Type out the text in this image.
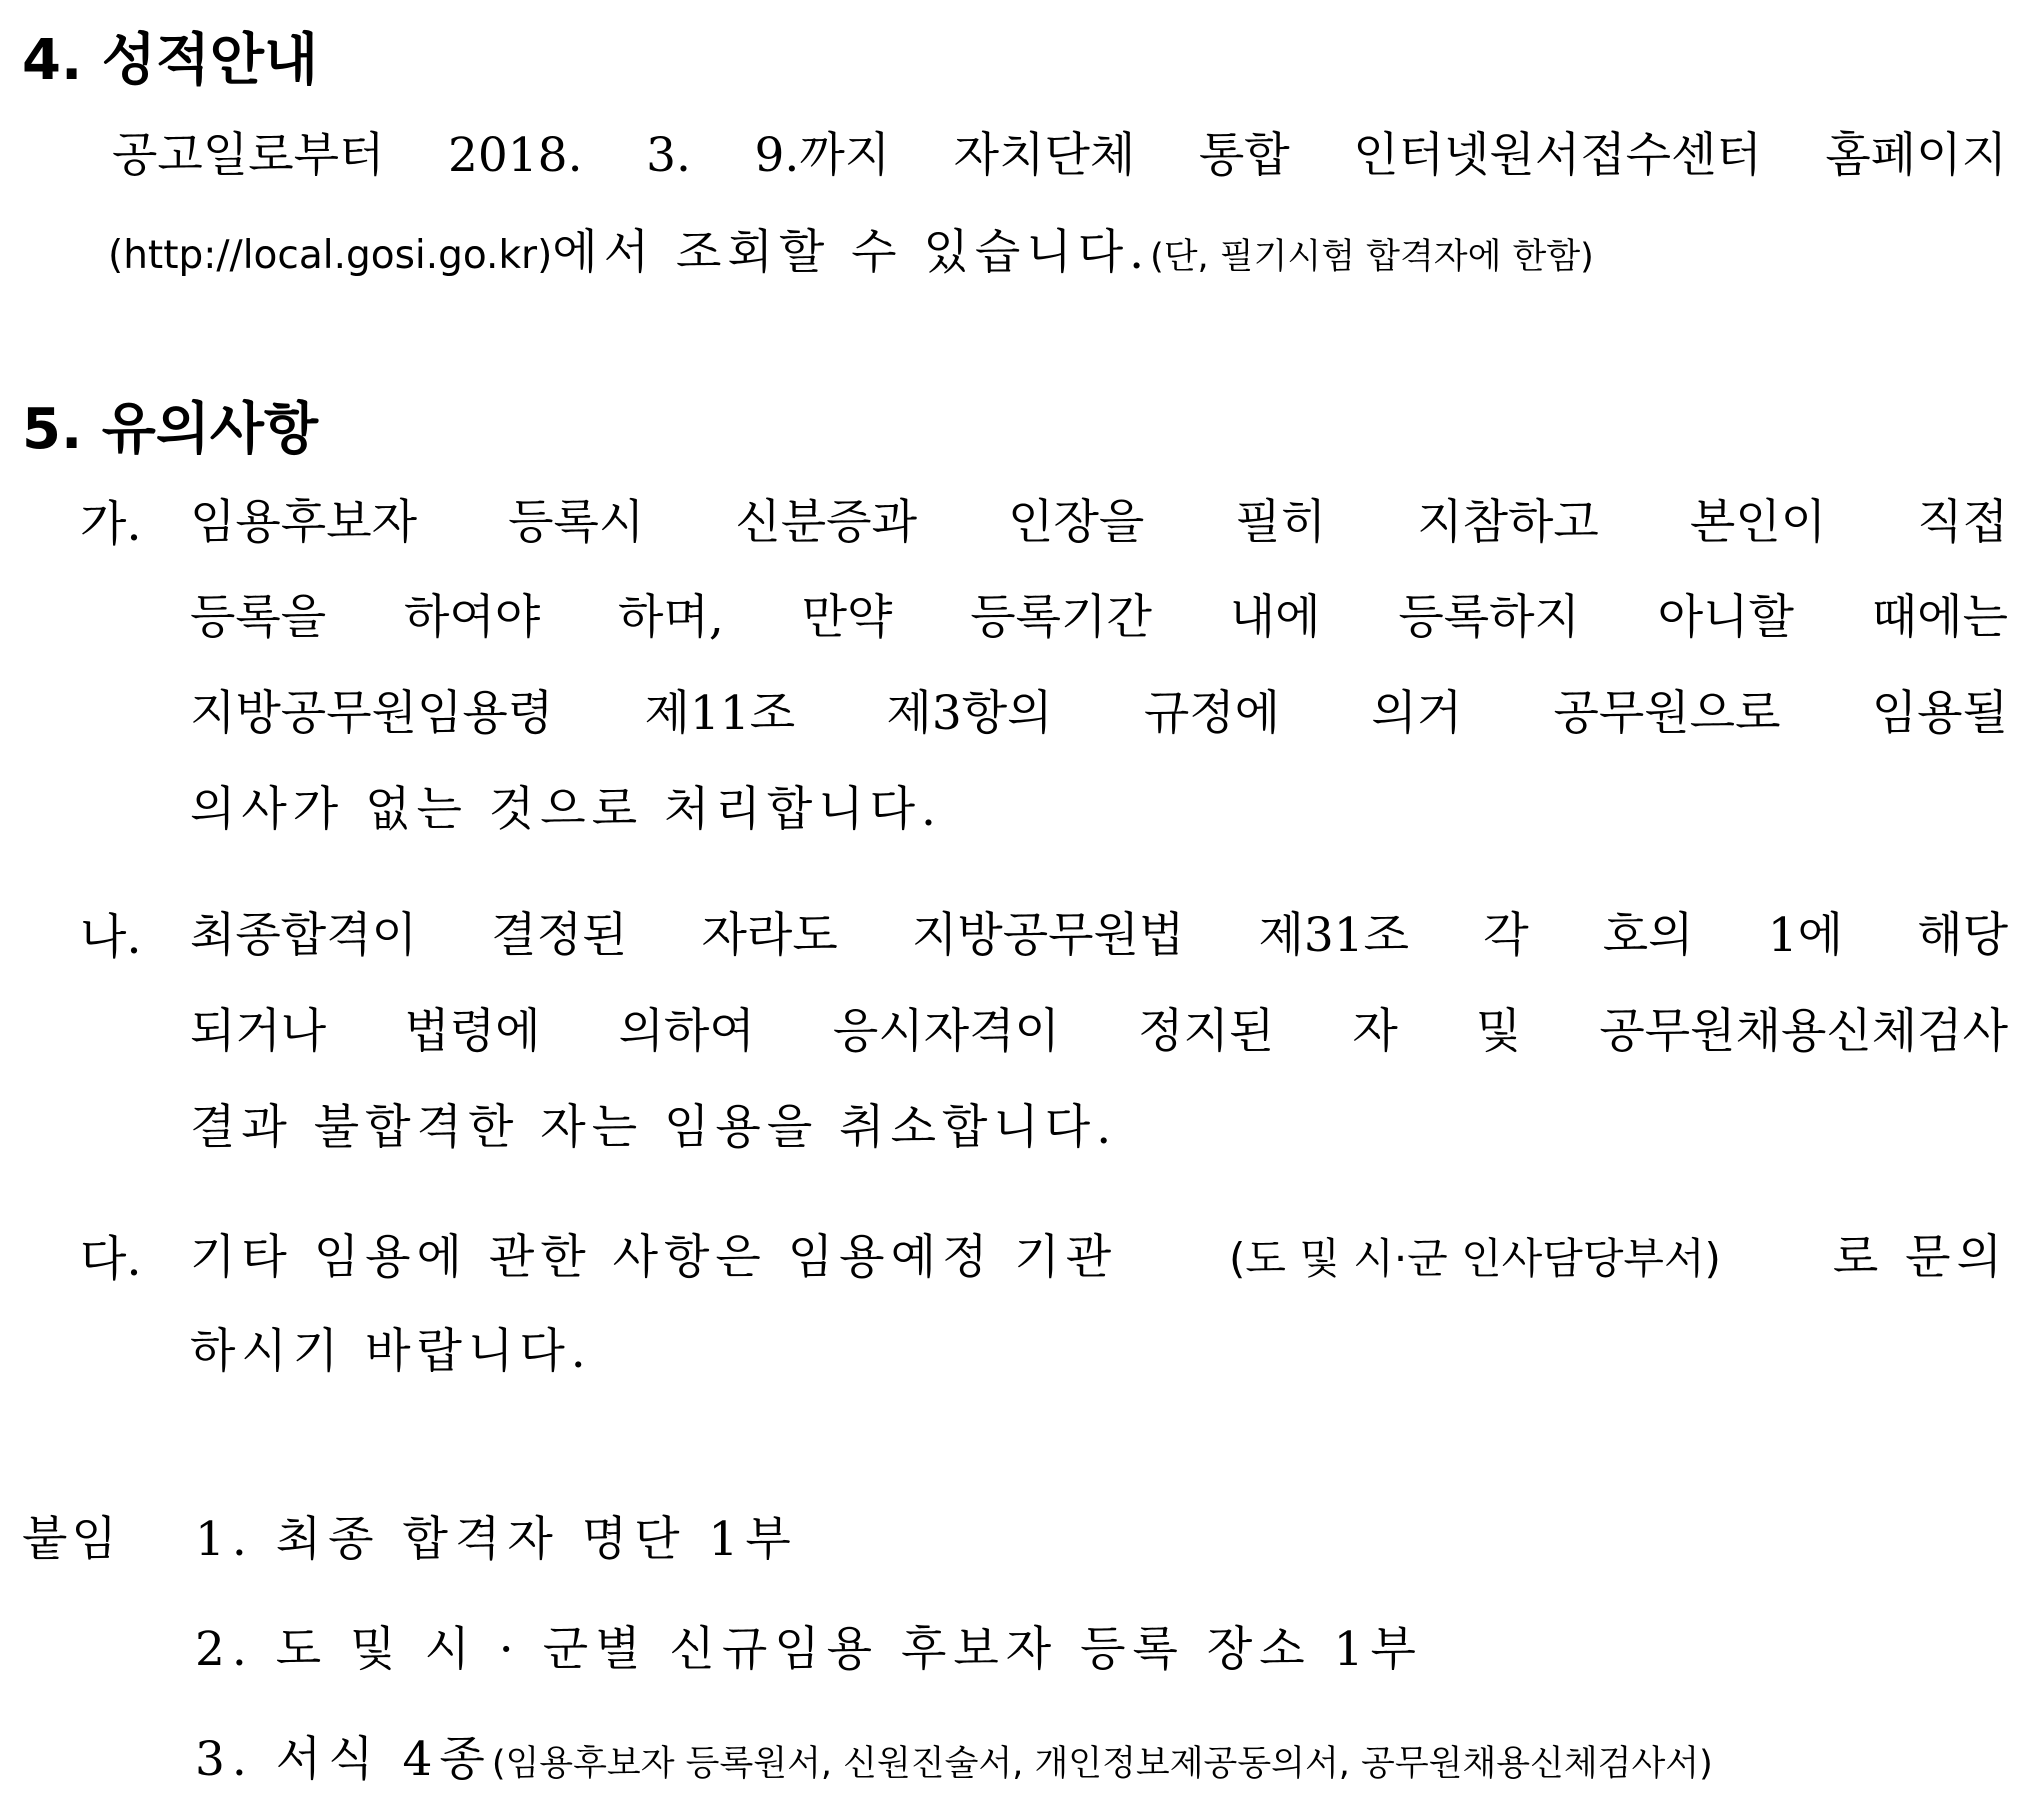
4. 성적안내
공고일로부터 2018. 3. 9.까지 자치단체 통합 인터넷원서접수센터 홈페이지
(http://local.gosi.go.kr)에서 조회할 수 있습니다.(단, 필기시험 합격자에 한함)
5. 유의사항
가. 임용후보자 등록시 신분증과 인장을 필히 지참하고 본인이 직접
등록을 하여야 하며, 만약 등록기간 내에 등록하지 아니할 때에는
지방공무원임용령 제11조 제3항의 규정에 의거 공무원으로 임용될
의사가 없는 것으로 처리합니다.
나. 최종합격이 결정된 자라도 지방공무원법 제31조 각 호의 1에 해당
되거나 법령에 의하여 응시자격이 정지된 자 및 공무원채용신체검사
결과 불합격한 자는 임용을 취소합니다.
다. 기타 임용에 관한 사항은 임용예정 기관	(도 및 시·군 인사담당부서) 로 문의
하시기 바랍니다.
붙임 1. 최종 합격자 명단 1부
2. 도 및 시 · 군별 신규임용 후보자 등록 장소 1부
3. 서식 4종(임용후보자 등록원서, 신원진술서, 개인정보제공동의서, 공무원채용신체검사서)
